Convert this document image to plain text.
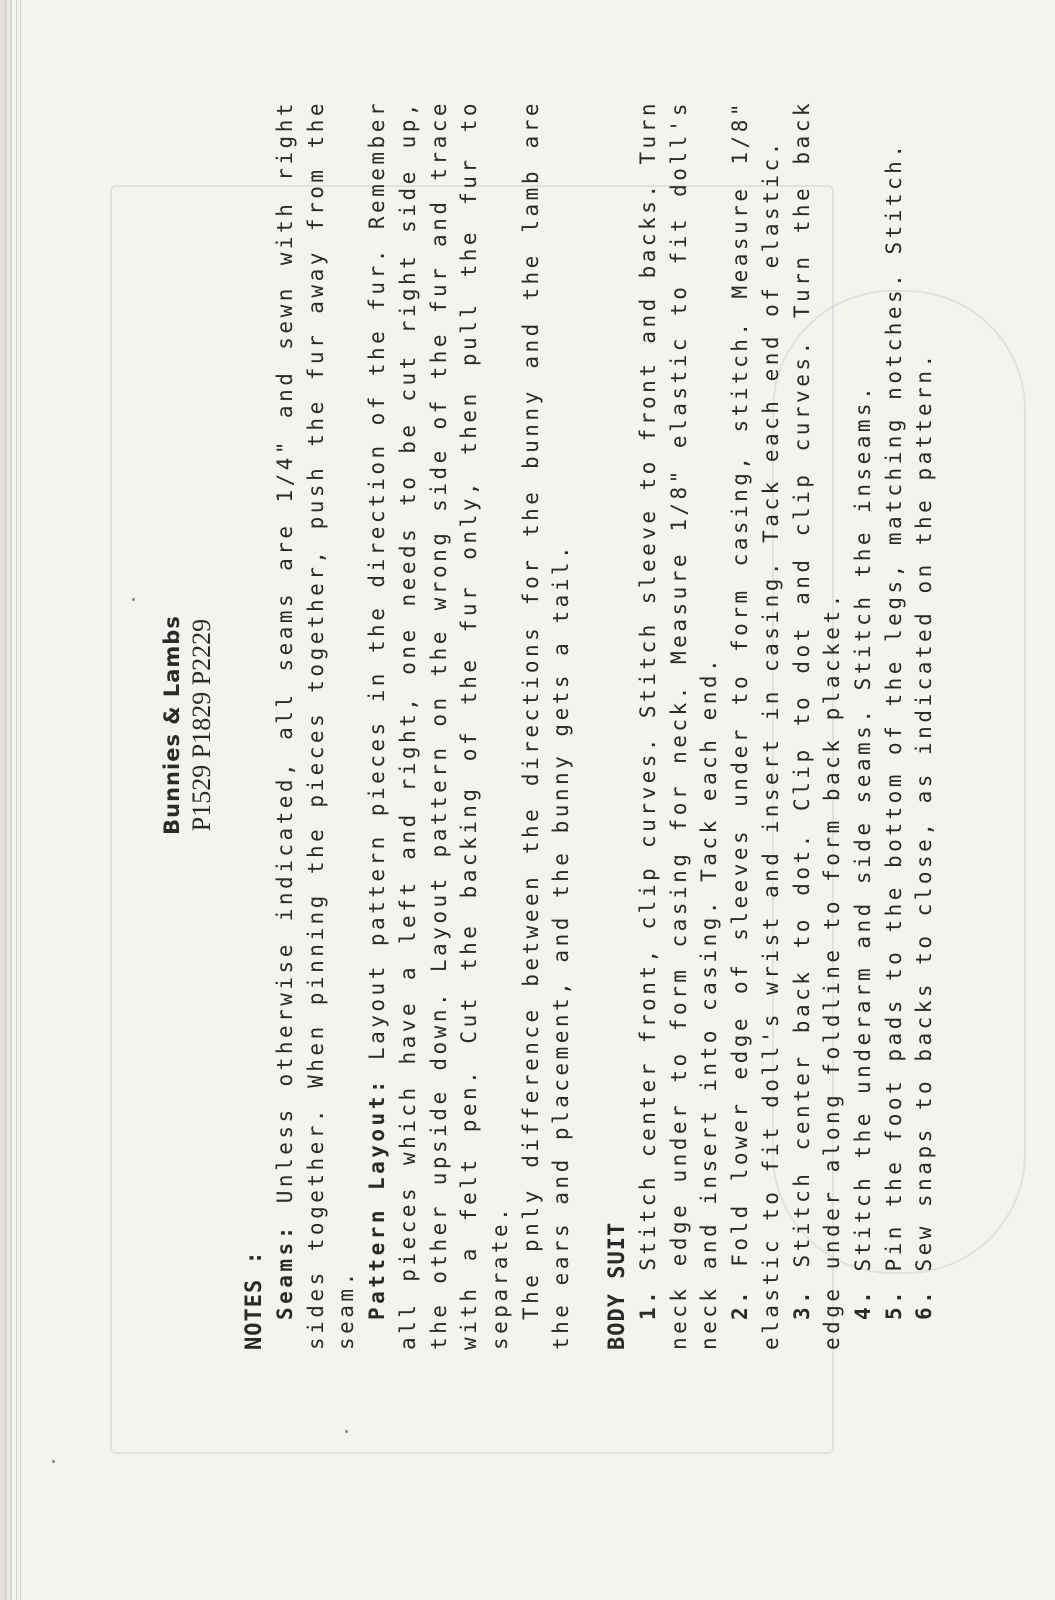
Bunnies & Lambs P1529 P1829 P2229
NOTES : Seams: Unless otherwise indicated, all seams are 1/4" and sewn with right sides together. When pinning the pieces together, push the fur away from the seam. Pattern Layout: Layout pattern pieces in the direction of the fur. Remember all pieces which have a left and right, one needs to be cut right side up, the other upside down. Layout pattern on the wrong side of the fur and trace with a felt pen. Cut the backing of the fur only, then pull the fur to separate. The pnly difference between the directions for the bunny and the lamb are the ears and placement, and the bunny gets a tail. BODY SUIT 1. Stitch center front, clip curves. Stitch sleeve to front and backs. Turn neck edge under to form casing for neck. Measure 1/8" elastic to fit doll's neck and insert into casing. Tack each end. 2. Fold lower edge of sleeves under to form casing, stitch. Measure 1/8" elastic to fit doll's wrist and insert in casing. Tack each end of elastic. 3. Stitch center back to dot. Clip to dot and clip curves. Turn the back edge under along foldline to form back placket. 4. Stitch the underarm and side seams. Stitch the inseams.

5. Pin the foot pads to the bottom of the legs, matching notches. Stitch.

6. Sew snaps to backs to close, as indicated on the pattern.
